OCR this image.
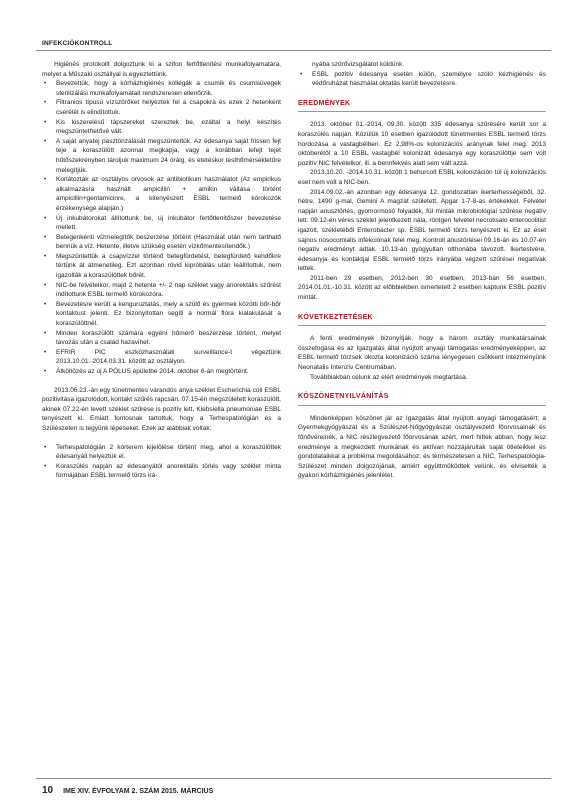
INFEKCIÓKONTROLL

Higiénés protokollt dolgoztunk ki a szifon fertőtlenítési munkafolyamatára, melyet a Műszaki osztállyal is egyeztettünk.

• Bevezettük, hogy a kórházhigiénés kollégák a csumik és csumisüvegek sterilizálási munkafolyamatait rendszeresen ellenőrzik.
• Filtranios típusú vízszűrőket helyeztek fel a csapokra és ezek 2 hetenként cserélét is elindítottuk.
• Kis kiszerelésű tápszereket szereztek be, ezáltal a helyi készítés megszüntethetővé vált.
• A saját anyatej pasztörizálását megszüntettük. Az édesanya saját frissen fejt teje a koraszülött azonnal megkapja, vagy a korábban lefejt tejet hűtőszekrényben tároljuk maximum 24 óráig, és etetéskor testhőmérsékletűre melegítjük.
• Korlátozták az osztályos orvosok az antibiotikum használatot (Az empirikus alkalmazásra használt ampicillin + amikin váltása történt ampicillin+gentamicinre, a kitenyészett ESBL termelő kórokozók érzékenysége alapján.)
• Új inkubátorokat állítottunk be, új inkubátor fertőtlenítőszer bevezetése mellett.
• Betegenkénti vízmelegítők beszerzése történt (Használat után nem tarthatő bennük a víz. Hetente, illetve szükség esetén vízkőmentesítendők.)
• Megszüntettük a csapvízzel történő betegfürdetést, betegfürdető kendőkre tértünk át átmenetileg. Ezt azonban rövid kipróbálás után leállítottuk, nem igazolták a koraszülöttek bőrét.
• NIC-be felvételkor, majd 2 hetente +/- 2 nap széklet vagy anorektális szűrést indítottunk ESBL termelő kórokozóra.
• Bevezetésre került a kenguruztatás, mely a szülő és gyermek közötti bőr-bőr kontaktust jelenti. Ez bizonyítottan segíti a normál flóra kialakulását a koraszülöttnél.
• Minden koraszülött számára egyéni hőmérő beszerzése történt, melyet távozás után a család hazavihet.
• EFRIR PIC eszközhasználati surveillance-t végeztünk 2013.10.01.-2014.03.31. között az osztályon.
• Átköltözés az új A PÓLUS épületbe 2014. október 6-án megtörtént.

2013.06.23.-án egy tünetmentes várandós anya széklet Escherichia coli ESBL pozitivitása igazolódott, kontakt szűrés rapcsán. 07.15-én megszületett koraszülött, akinek 07.22-én levett széklet szűrése is pozitív lett, Klebsiella pneumoniae ESBL tenyészett ki. Emiatt fontosnak tartottuk, hogy a Terhespatológián és a Szülészeten is tegyünk lépéseket. Ezek az alábbiak voltak:

• Terhespatológián 2 kórterem kijelölése történt meg, ahol a koraszülöttek édesanyáit helyeztük el.
• Koraszülés napján az édesanyától anorektális törlés vagy széklet minta formájában ESBL termelő törzs irá-

nyába szűrővizsgálatot küldünk.

• ESBL pozitív édesanya esetén külön, személyre szóló kézhigiénés és védőruházat használat oktatás került bevezetésre.
EREDMÉNYEK

2013. október 01.-2014. 09.30. között 335 édesanya szűrésére került sor a koraszülés napján. Közülük 10 esetben igazolódott tünetmentes ESBL termelő törzs hordozása a vastagbélben. Ez 2,98%-os kolonizációs aránynak felel meg. 2013 októberétől a 10 ESBL vastagbél kolonizált édesanya egy koraszülöttje sem volt pozitív NIC felvételkor, ill. a bennfekvés alatt sem vált azzá.

2013.10.20. -2014.10.31. között 1 behurcolt ESBL kolonizáción túl új kolonizációs eset nem volt a NIC-ben.

2014.09.02.-án azonban egy édesanya 12. gondozattan ikerterhességéből, 32. hétre, 1490 g-mal, Gemini A magzat született, Apgar 1-7-8-as értékekkel. Felvétel napján anusztörlés, gyomormosó folyadék, fül minták mikrobiológiai szűrése negatív lett. 09.12-én véres széklet jelentkezett nála, röntgen felvétel necrotisalo enterocolitist igazolt, székletéből Enterobacter sp. ESBL termelő törzs tenyészett ki. Ez az eset sajnos nosocomialis infekciónak felel meg. Kontroll anustörlései 09.16-án és 10.07-én negatív eredményt adtak. 10.13-án gyógyultan otthonába távozott. Ikertestvére, édesanyja és kontaktjai ESBL termelő törzs irányába végzett szűrései negatívak lettek.

2011-ben 29 esetben, 2012-ben 30 esetben, 2013-ban 56 esetben, 2014.01.01.-10.31. között az előbbiekben ismertetett 2 esetben kaptunk ESBL pozitív mintát.

KÖVETKEZTETÉSEK

A fenti eredmények bizonyítják, hogy a három osztály munkatársainak összefogása és az Igazgatás által nyújtott anyagi támogatás eredményeképpen, az ESBL termelő törzsek okozta kolonizáció száma lényegesen csökkent intézményünk Neonatalis Intenzív Centrumában.

Továbbiakban célunk az elért eredmények megtartása.

KÖSZÖNETNYILVÁNÍTÁS

Mindenképpen köszönet jár az Igazgatás által nyújtott anyagi támogatásért; a Gyermekgyógyászat és a Szülészet-Nőgyógyászat osztályvezető főorvosainak és főnővéreinek, a NIC részlegvezető főorvosának azért, mert hittek abban, hogy lesz eredménye a megkezdett munkának és aktívan hozzájárultak saját ötleteikkel és gondolataikkal a probléma megoldásához; és természetesen a NIC, Terhespatológia-Szülészet minden dolgozójának, amiért együttműködtek velünk, és elviselték a gyakori kórházhigiénés jelenlétet.

10 IME XIV. ÉVFOLYAM 2. SZÁM 2015. MÁRCIUS
